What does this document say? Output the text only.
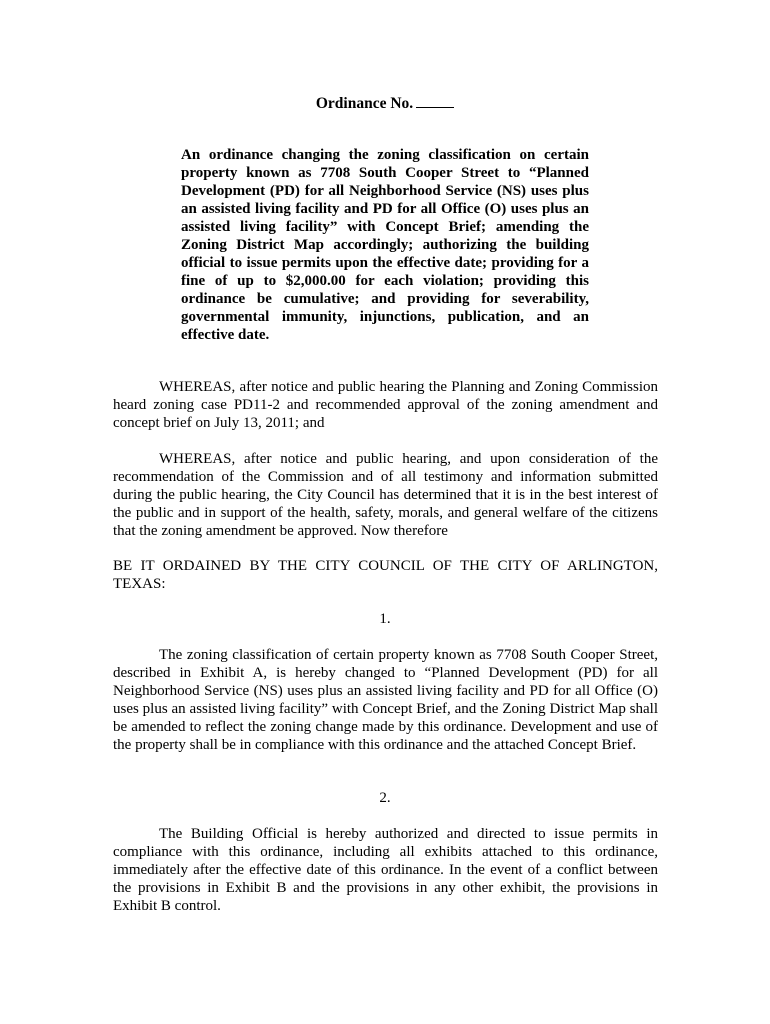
Ordinance No.

An ordinance changing the zoning classification on certain property known as 7708 South Cooper Street to “Planned Development (PD) for all Neighborhood Service (NS) uses plus an assisted living facility and PD for all Office (O) uses plus an assisted living facility” with Concept Brief; amending the Zoning District Map accordingly; authorizing the building official to issue permits upon the effective date; providing for a fine of up to $2,000.00 for each violation; providing this ordinance be cumulative; and providing for severability, governmental immunity, injunctions, publication, and an effective date.

WHEREAS, after notice and public hearing the Planning and Zoning Commission heard zoning case PD11-2 and recommended approval of the zoning amendment and concept brief on July 13, 2011; and

WHEREAS, after notice and public hearing, and upon consideration of the recommendation of the Commission and of all testimony and information submitted during the public hearing, the City Council has determined that it is in the best interest of the public and in support of the health, safety, morals, and general welfare of the citizens that the zoning amendment be approved. Now therefore

BE IT ORDAINED BY THE CITY COUNCIL OF THE CITY OF ARLINGTON, TEXAS:

1.

The zoning classification of certain property known as 7708 South Cooper Street, described in Exhibit A, is hereby changed to “Planned Development (PD) for all Neighborhood Service (NS) uses plus an assisted living facility and PD for all Office (O) uses plus an assisted living facility” with Concept Brief, and the Zoning District Map shall be amended to reflect the zoning change made by this ordinance. Development and use of the property shall be in compliance with this ordinance and the attached Concept Brief.

2.

The Building Official is hereby authorized and directed to issue permits in compliance with this ordinance, including all exhibits attached to this ordinance, immediately after the effective date of this ordinance. In the event of a conflict between the provisions in Exhibit B and the provisions in any other exhibit, the provisions in Exhibit B control.
